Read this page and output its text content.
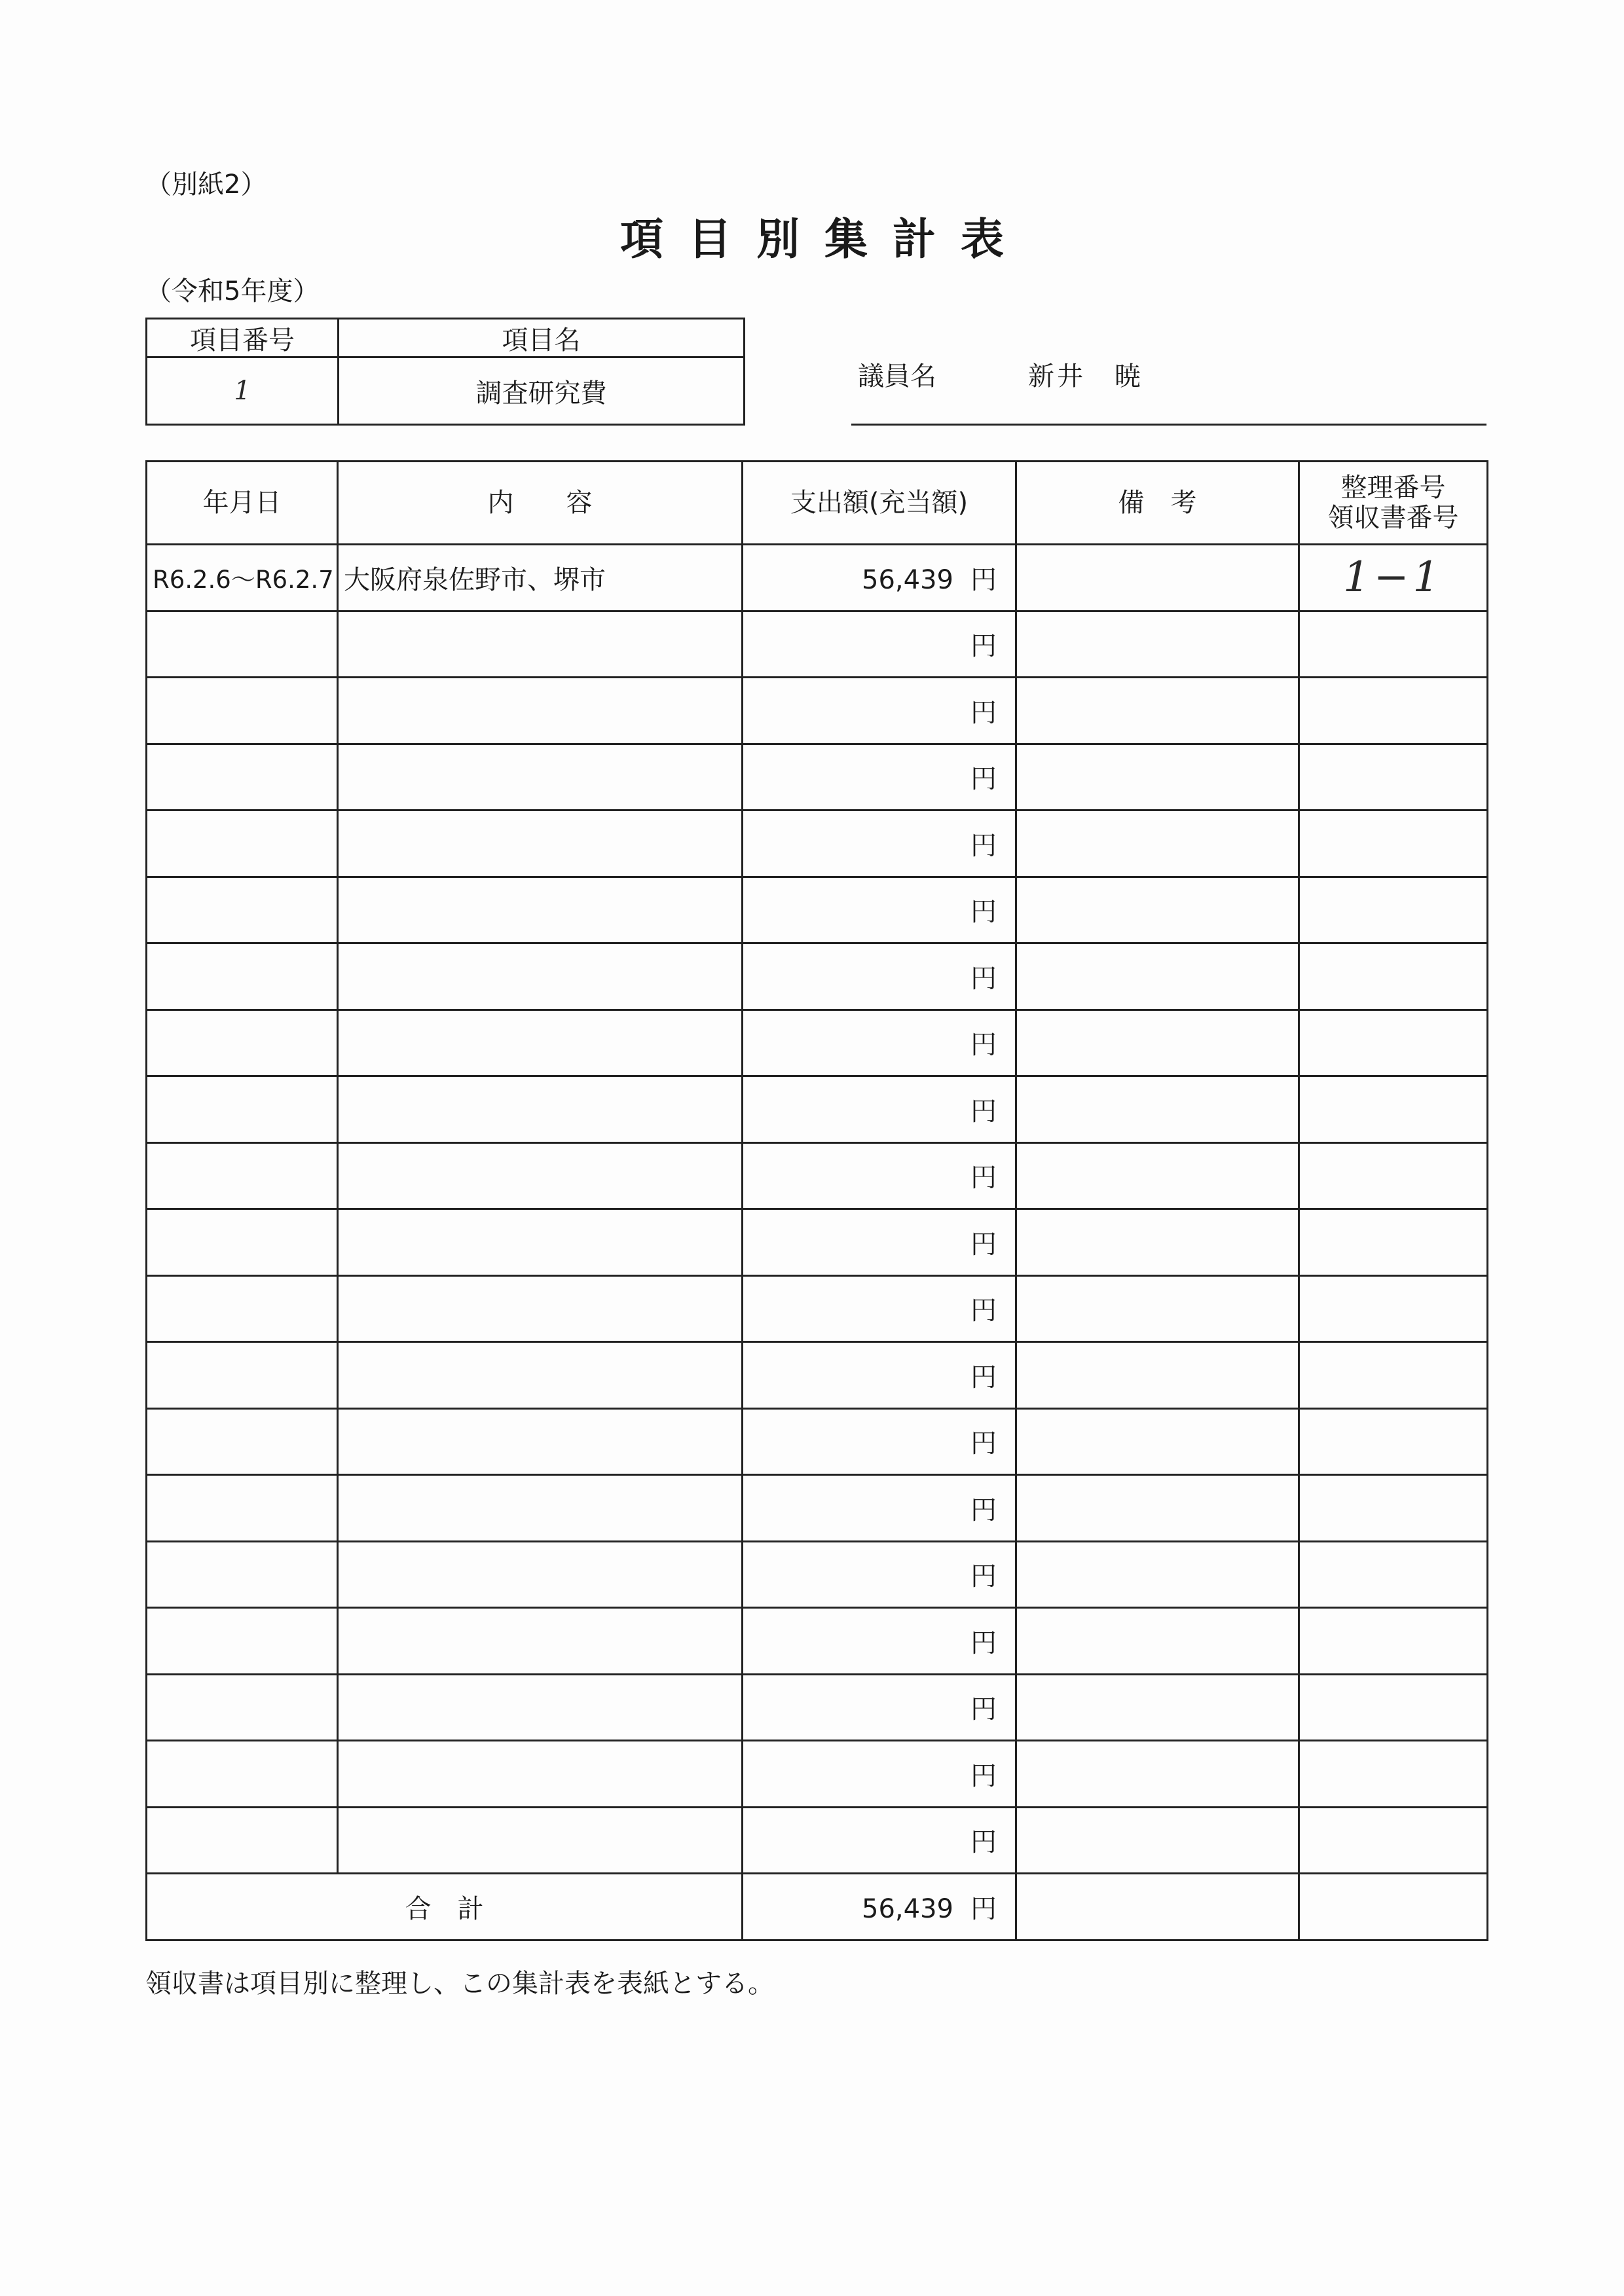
（別紙2）
項目別集計表
（令和5年度）
項目番号	項目名
1	調査研究費
議員名	新井　暁
年月日	内　　容	支出額(充当額)	備　考	整理番号
領収書番号

R6.2.6～R6.2.7	大阪府泉佐野市、堺市	56,439 円		1−1
		円		
		円		
		円		
		円		
		円		
		円		
		円		
		円		
		円		
		円		
		円		
		円		
		円		
		円		
		円		
		円		
		円		
		円		
		円		
合　計		56,439 円		
領収書は項目別に整理し、この集計表を表紙とする。
